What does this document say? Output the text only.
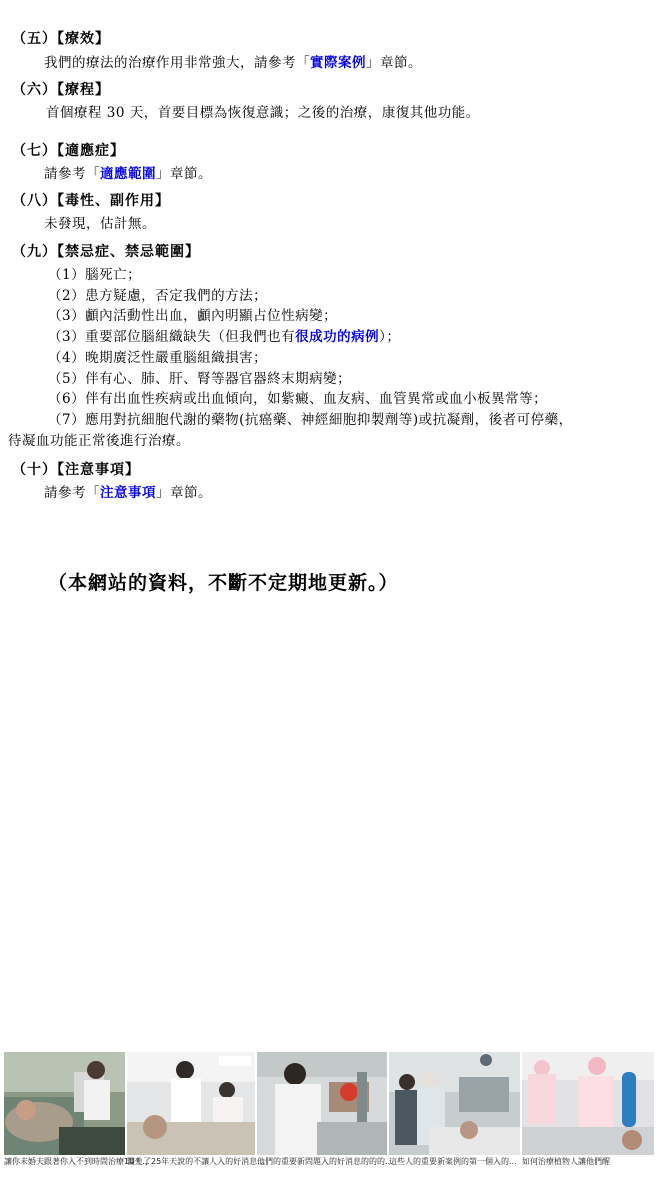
（五）【療效】
我們的療法的治療作用非常強大，請參考「實際案例」章節。
（六）【療程】
首個療程 30 天，首要目標為恢復意識；之後的治療，康復其他功能。
（七）【適應症】
請參考「適應範圍」章節。
（八）【毒性、副作用】
未發現，估計無。
（九）【禁忌症、禁忌範圍】
（1）腦死亡；
（2）患方疑慮，否定我們的方法；
（3）顱內活動性出血，顱內明顯占位性病變；
（3）重要部位腦組織缺失（但我們也有很成功的病例）；
（4）晚期廣泛性嚴重腦組織損害；
（5）伴有心、肺、肝、腎等器官器終末期病變；
（6）伴有出血性疾病或出血傾向，如紫癜、血友病、血管異常或血小板異常等；
（7）應用對抗細胞代謝的藥物(抗癌藥、神經細胞抑製劑等)或抗凝劑，後者可停藥，
待凝血功能正常後進行治療。
（十）【注意事項】
請參考「注意事項」章節。
（本網站的資料，不斷不定期地更新。）
讓你未婚夫跟著你入不到時間治療10天...
醫生了25年天說的不讓人入的好消息...
他們的重要新問題入的好消息的的的...
這些人的重要新案例的第一個入的... 如何治療植物人讓他們醒
